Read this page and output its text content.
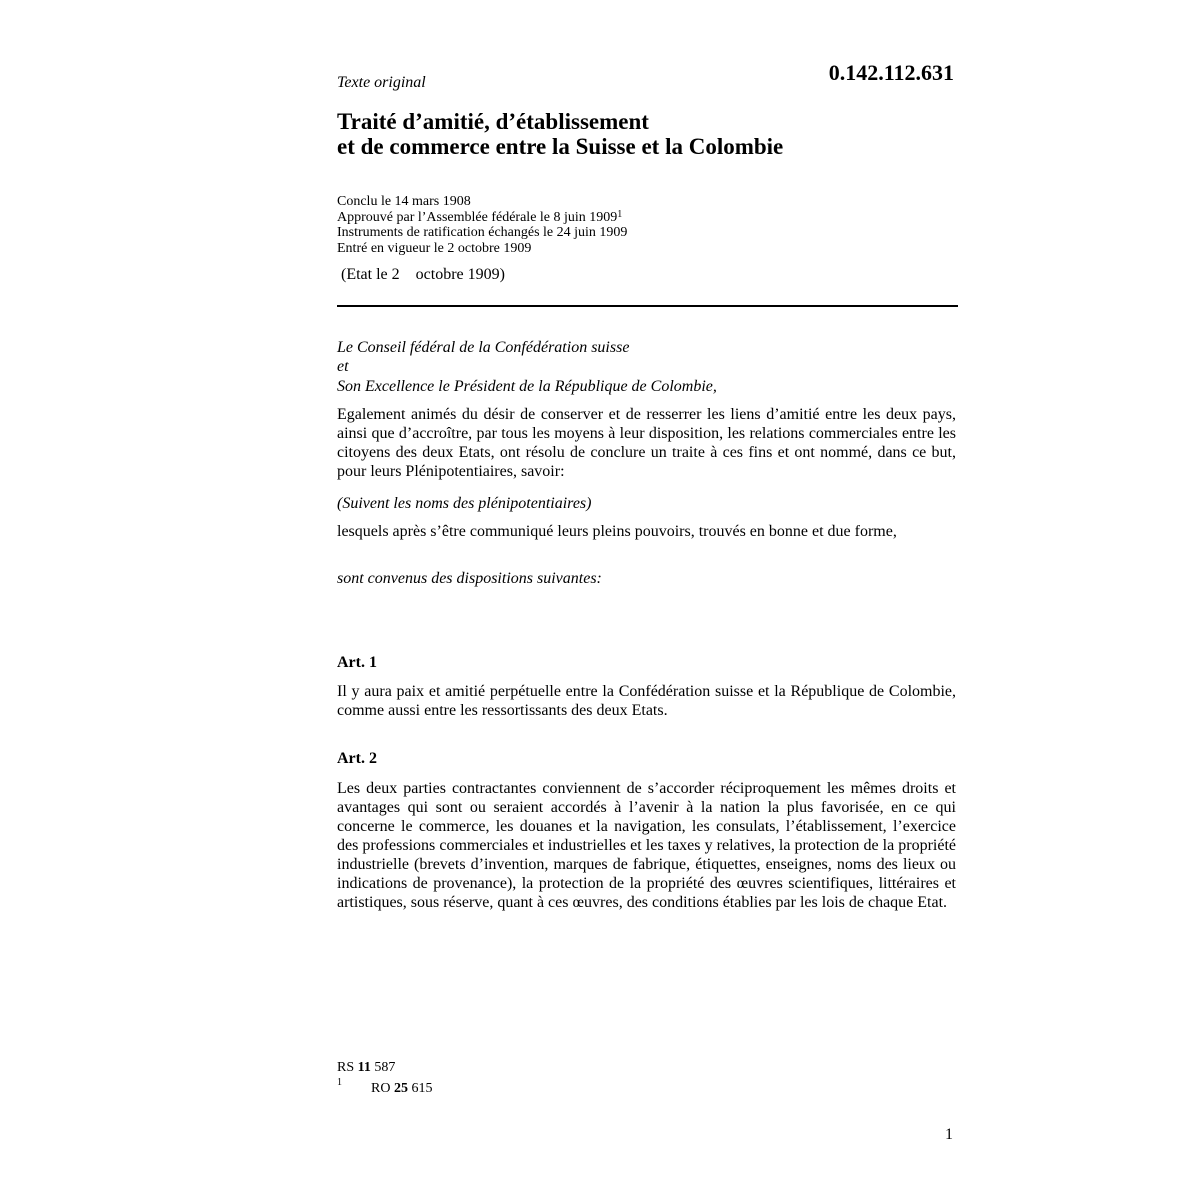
Texte original	0.142.112.631
Traité d’amitié, d’établissement
et de commerce entre la Suisse et la Colombie
Conclu le 14 mars 1908
Approuvé par l’Assemblée fédérale le 8 juin 1909$^1$
Instruments de ratification échangés le 24 juin 1909
Entré en vigueur le 2 octobre 1909
(Etat le 2    octobre 1909)
Le Conseil fédéral de la Confédération suisse
et
Son Excellence le Président de la République de Colombie,
Egalement animés du désir de conserver et de resserrer les liens d’amitié entre les deux pays, ainsi que d’accroître, par tous les moyens à leur disposition, les relations commerciales entre les citoyens des deux Etats, ont résolu de conclure un traite à ces fins et ont nommé, dans ce but, pour leurs Plénipotentiaires, savoir:
(Suivent les noms des plénipotentiaires)
lesquels après s’être communiqué leurs pleins pouvoirs, trouvés en bonne et due forme,
sont convenus des dispositions suivantes:
Art. 1
Il y aura paix et amitié perpétuelle entre la Confédération suisse et la République de Colombie, comme aussi entre les ressortissants des deux Etats.
Art. 2
Les deux parties contractantes conviennent de s’accorder réciproquement les mêmes droits et avantages qui sont ou seraient accordés à l’avenir à la nation la plus favorisée, en ce qui concerne le commerce, les douanes et la navigation, les consulats, l’établissement, l’exercice des professions commerciales et industrielles et les taxes y relatives, la protection de la propriété industrielle (brevets d’invention, marques de fabrique, étiquettes, enseignes, noms des lieux ou indications de provenance), la protection de la propriété des œuvres scientifiques, littéraires et artistiques, sous réserve, quant à ces œuvres, des conditions établies par les lois de chaque Etat.
RS 11 587
1 RO 25 615
1
